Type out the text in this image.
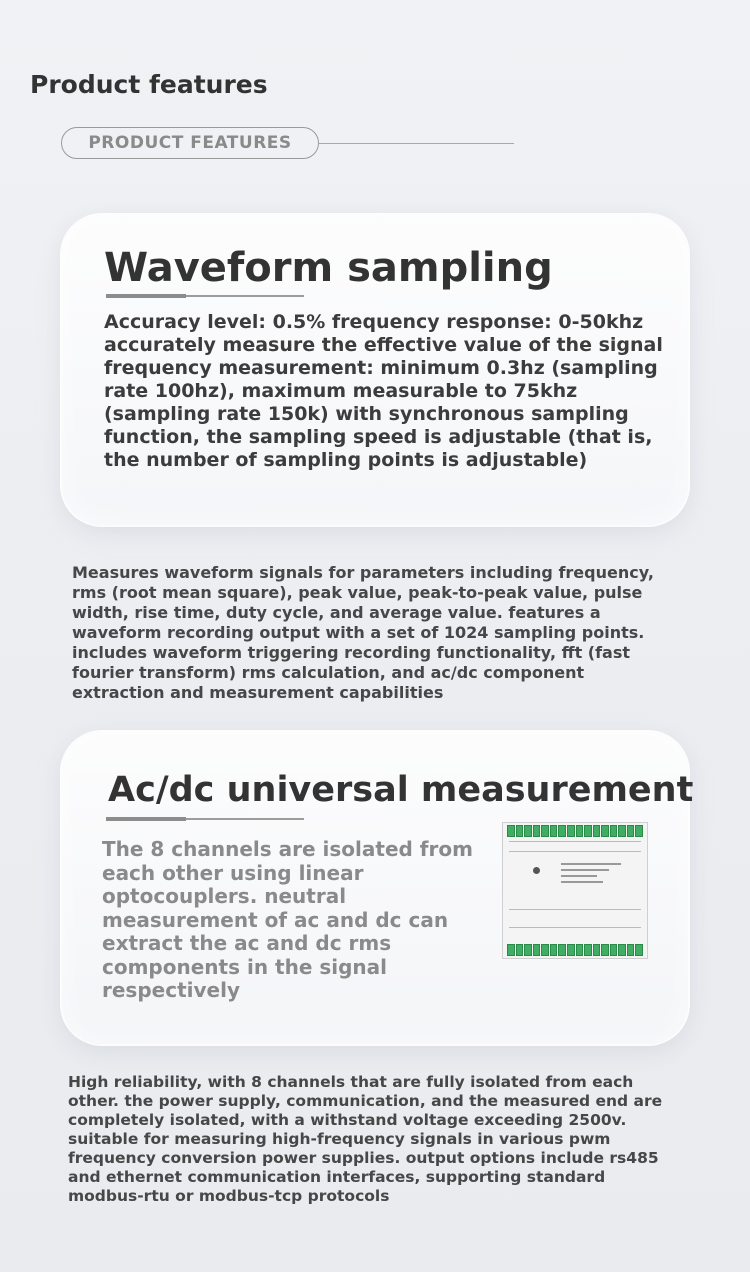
Product features
PRODUCT FEATURES
Waveform sampling
Accuracy level: 0.5% frequency response: 0-50khz accurately measure the effective value of the signal frequency measurement: minimum 0.3hz (sampling rate 100hz), maximum measurable to 75khz (sampling rate 150k) with synchronous sampling function, the sampling speed is adjustable (that is, the number of sampling points is adjustable)
Measures waveform signals for parameters including frequency, rms (root mean square), peak value, peak-to-peak value, pulse width, rise time, duty cycle, and average value. features a waveform recording output with a set of 1024 sampling points. includes waveform triggering recording functionality, fft (fast fourier transform) rms calculation, and ac/dc component extraction and measurement capabilities
Ac/dc universal measurement
The 8 channels are isolated from each other using linear optocouplers. neutral measurement of ac and dc can extract the ac and dc rms components in the signal respectively
High reliability, with 8 channels that are fully isolated from each other. the power supply, communication, and the measured end are completely isolated, with a withstand voltage exceeding 2500v. suitable for measuring high-frequency signals in various pwm frequency conversion power supplies. output options include rs485 and ethernet communication interfaces, supporting standard modbus-rtu or modbus-tcp protocols
